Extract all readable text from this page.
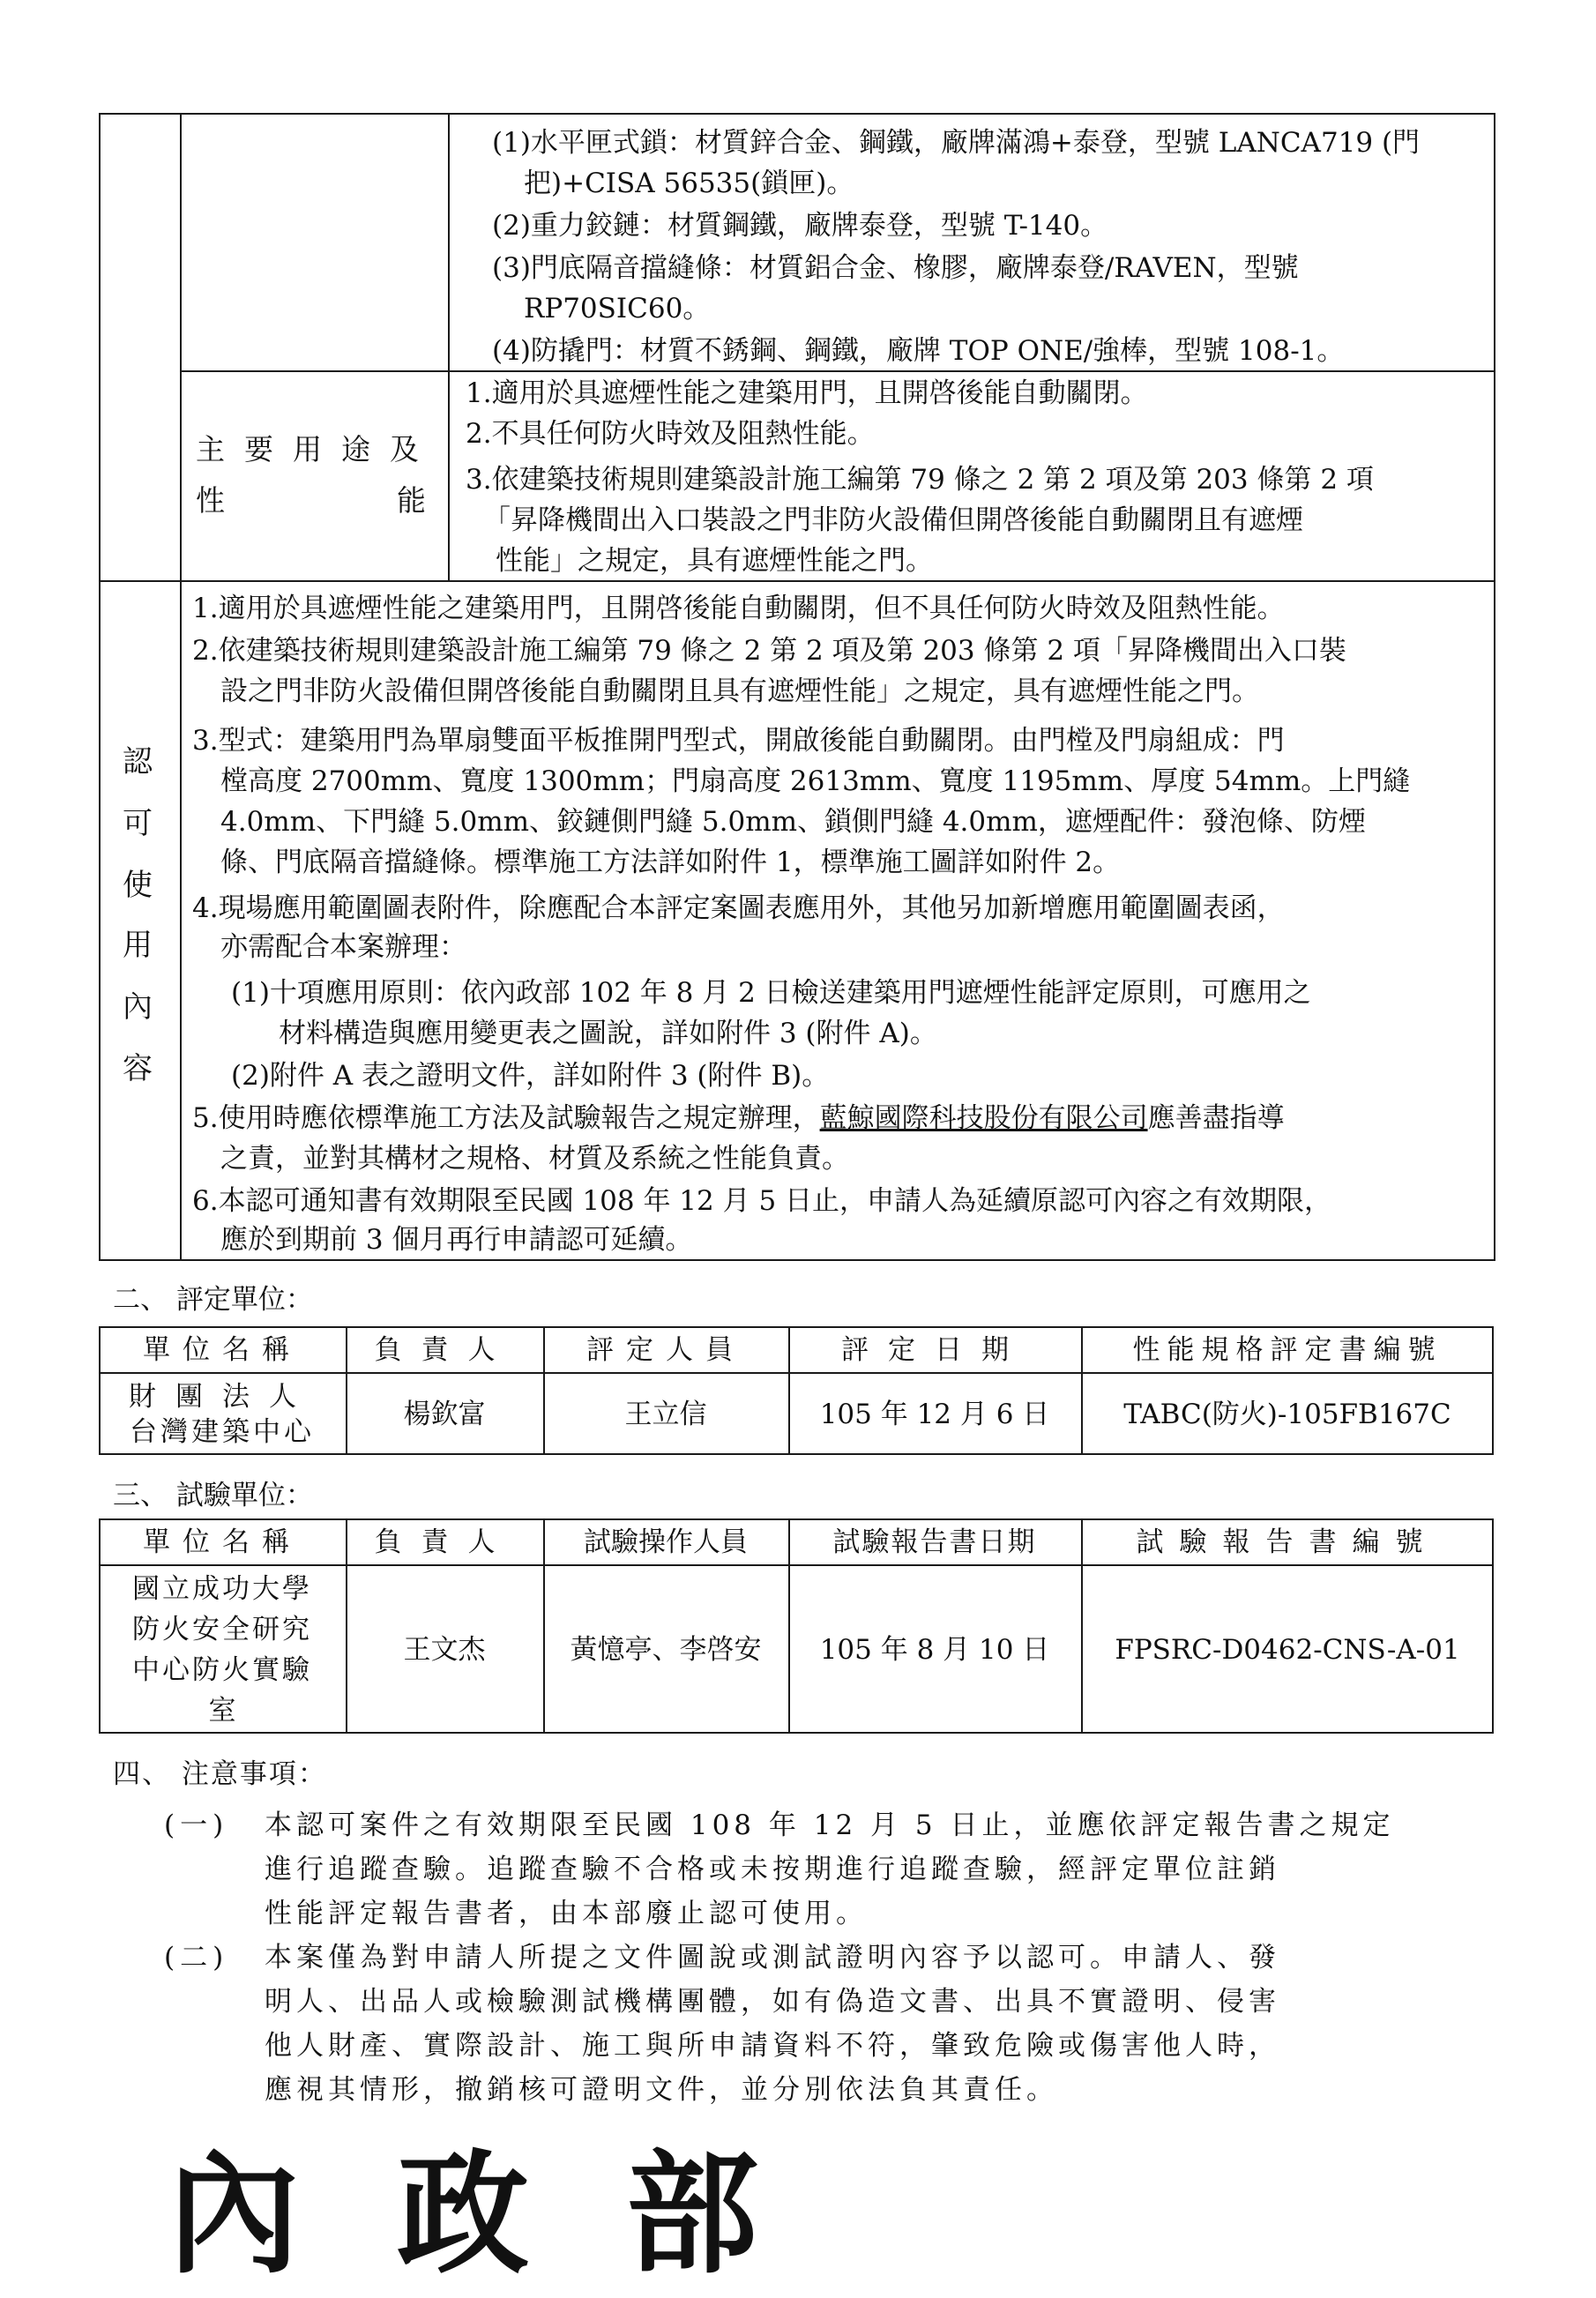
(1)水平匣式鎖：材質鋅合金、鋼鐵，廠牌滿鴻+泰登，型號 LANCA719 (門
把)+CISA 56535(鎖匣)。
(2)重力鉸鏈：材質鋼鐵，廠牌泰登，型號 T-140。
(3)門底隔音擋縫條：材質鋁合金、橡膠，廠牌泰登/RAVEN，型號
RP70SIC60。
(4)防撬門：材質不銹鋼、鋼鐵，廠牌 TOP ONE/強棒，型號 108-1。
主要用途及
性	能
1.適用於具遮煙性能之建築用門，且開啓後能自動關閉。
2.不具任何防火時效及阻熱性能。
3.依建築技術規則建築設計施工編第 79 條之 2 第 2 項及第 203 條第 2 項
「昇降機間出入口裝設之門非防火設備但開啓後能自動關閉且有遮煙
性能」之規定，具有遮煙性能之門。
認
可
使
用
內
容
1.適用於具遮煙性能之建築用門，且開啓後能自動關閉，但不具任何防火時效及阻熱性能。
2.依建築技術規則建築設計施工編第 79 條之 2 第 2 項及第 203 條第 2 項「昇降機間出入口裝
設之門非防火設備但開啓後能自動關閉且具有遮煙性能」之規定，具有遮煙性能之門。
3.型式：建築用門為單扇雙面平板推開門型式，開啟後能自動關閉。由門樘及門扇組成：門
樘高度 2700mm、寬度 1300mm；門扇高度 2613mm、寬度 1195mm、厚度 54mm。上門縫
4.0mm、下門縫 5.0mm、鉸鏈側門縫 5.0mm、鎖側門縫 4.0mm，遮煙配件：發泡條、防煙
條、門底隔音擋縫條。標準施工方法詳如附件 1，標準施工圖詳如附件 2。
4.現場應用範圍圖表附件，除應配合本評定案圖表應用外，其他另加新增應用範圍圖表函，
亦需配合本案辦理：
(1)十項應用原則：依內政部 102 年 8 月 2 日檢送建築用門遮煙性能評定原則，可應用之
材料構造與應用變更表之圖說，詳如附件 3 (附件 A)。
(2)附件 A 表之證明文件，詳如附件 3 (附件 B)。
5.使用時應依標準施工方法及試驗報告之規定辦理，藍鯨國際科技股份有限公司應善盡指導
之責，並對其構材之規格、材質及系統之性能負責。
6.本認可通知書有效期限至民國 108 年 12 月 5 日止，申請人為延續原認可內容之有效期限，
應於到期前 3 個月再行申請認可延續。
二、 評定單位：
單位名稱	負責人	評定人員	評定日期	性能規格評定書編號
財團法人
台灣建築中心
楊欽富	王立信	105 年 12 月 6 日	TABC(防火)-105FB167C
三、 試驗單位：
單位名稱	負責人	試驗操作人員	試驗報告書日期	試驗報告書編號
國立成功大學
防火安全研究
中心防火實驗
室
王文杰	黃憶亭、李啓安	105 年 8 月 10 日	FPSRC-D0462-CNS-A-01
四、 注意事項：
(一) 本認可案件之有效期限至民國 108 年 12 月 5 日止，並應依評定報告書之規定
進行追蹤查驗。追蹤查驗不合格或未按期進行追蹤查驗，經評定單位註銷
性能評定報告書者，由本部廢止認可使用。
(二) 本案僅為對申請人所提之文件圖說或測試證明內容予以認可。申請人、發
明人、出品人或檢驗測試機構團體，如有偽造文書、出具不實證明、侵害
他人財產、實際設計、施工與所申請資料不符，肇致危險或傷害他人時，
應視其情形，撤銷核可證明文件，並分別依法負其責任。
內政部
